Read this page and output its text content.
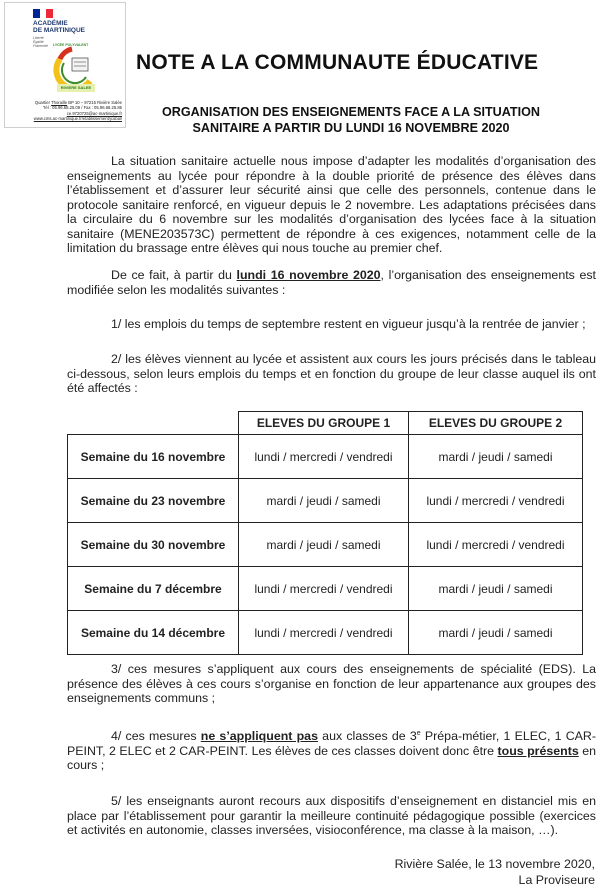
ACADÉMIE
DE MARTINIQUE
Liberté
Égalité
Fraternité LYCÉE POLYVALENT
RIVIERE SALEE
Quartier Thoraille BP 10 – 97215 Rivière Salée
Tél : 05.96.68.25.09 / Fax : 05.96.68.25.85
ce.9720725@ac-martinique.fr
www.cms.ac-martinique.fr/etablissement/jcobal/
NOTE A LA COMMUNAUTE ÉDUCATIVE
ORGANISATION DES ENSEIGNEMENTS FACE A LA SITUATION
SANITAIRE A PARTIR DU LUNDI 16 NOVEMBRE 2020
La situation sanitaire actuelle nous impose d’adapter les modalités d’organisation des enseignements au lycée pour répondre à la double priorité de présence des élèves dans l’établissement et d’assurer leur sécurité ainsi que celle des personnels, contenue dans le protocole sanitaire renforcé, en vigueur depuis le 2 novembre. Les adaptations précisées dans la circulaire du 6 novembre sur les modalités d’organisation des lycées face à la situation sanitaire (MENE203573C) permettent de répondre à ces exigences, notamment celle de la limitation du brassage entre élèves qui nous touche au premier chef.
De ce fait, à partir du lundi 16 novembre 2020, l’organisation des enseignements est modifiée selon les modalités suivantes :
1/ les emplois du temps de septembre restent en vigueur jusqu’à la rentrée de janvier ;
2/ les élèves viennent au lycée et assistent aux cours les jours précisés dans le tableau ci-dessous, selon leurs emplois du temps et en fonction du groupe de leur classe auquel ils ont été affectés :
	ELEVES DU GROUPE 1	ELEVES DU GROUPE 2
Semaine du 16 novembre	lundi / mercredi / vendredi	mardi / jeudi / samedi
Semaine du 23 novembre	mardi / jeudi / samedi	lundi / mercredi / vendredi
Semaine du 30 novembre	mardi / jeudi / samedi	lundi / mercredi / vendredi
Semaine du 7 décembre	lundi / mercredi / vendredi	mardi / jeudi / samedi
Semaine du 14 décembre	lundi / mercredi / vendredi	mardi / jeudi / samedi
3/ ces mesures s’appliquent aux cours des enseignements de spécialité (EDS). La présence des élèves à ces cours s’organise en fonction de leur appartenance aux groupes des enseignements communs ;
4/ ces mesures ne s’appliquent pas aux classes de 3e Prépa-métier, 1 ELEC, 1 CAR-PEINT, 2 ELEC et 2 CAR-PEINT. Les élèves de ces classes doivent donc être tous présents en cours ;
5/ les enseignants auront recours aux dispositifs d’enseignement en distanciel mis en place par l’établissement pour garantir la meilleure continuité pédagogique possible (exercices et activités en autonomie, classes inversées, visioconférence, ma classe à la maison, …).
Rivière Salée, le 13 novembre 2020,
La Proviseure
